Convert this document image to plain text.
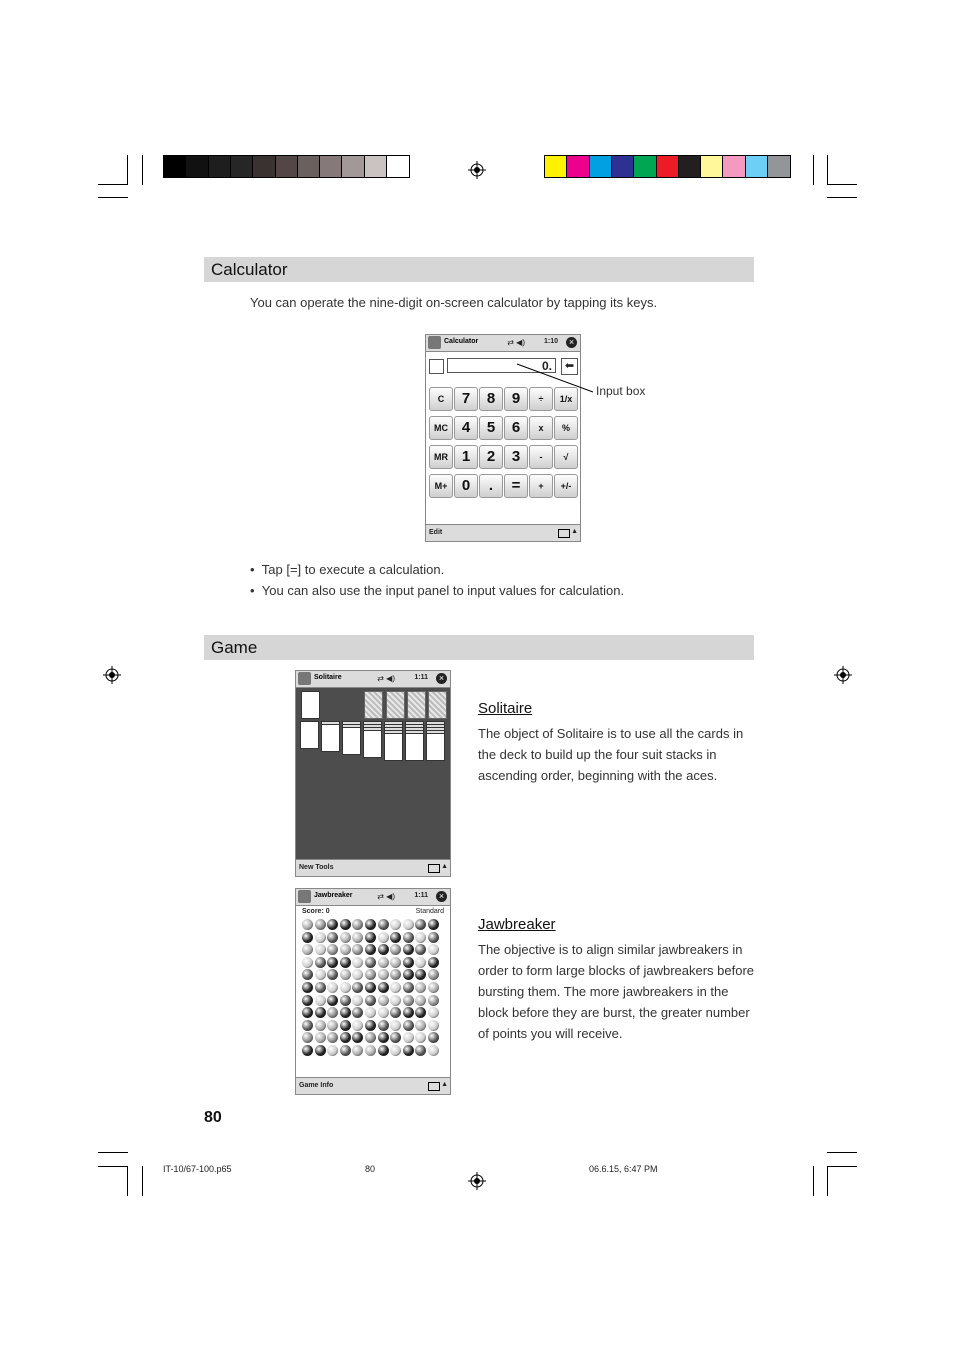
Calculator
You can operate the nine-digit on-screen calculator by tapping its keys.
Calculator	⇄ ◀)	1:10	×
0.	⬅
C	7	8	9	÷	1/x
MC 4	5	6	x	%
MR 1	2	3	-	√
M+ 0	.	=	+	+/-
Edit	▲
Input box
•  Tap [=] to execute a calculation.
•  You can also use the input panel to input values for calculation.
Game
Solitaire	⇄ ◀)	1:11	×
New Tools	▲
Solitaire
The object of Solitaire is to use all the cards in the deck to build up the four suit stacks in ascending order, beginning with the aces.
Jawbreaker	⇄ ◀)	1:11	×
Score: 0	Standard
Game Info	▲
Jawbreaker
The objective is to align similar jawbreakers in order to form large blocks of jawbreakers before bursting them. The more jawbreakers in the block before they are burst, the greater number of points you will receive.
80
IT-10/67-100.p65	80	06.6.15, 6:47 PM
